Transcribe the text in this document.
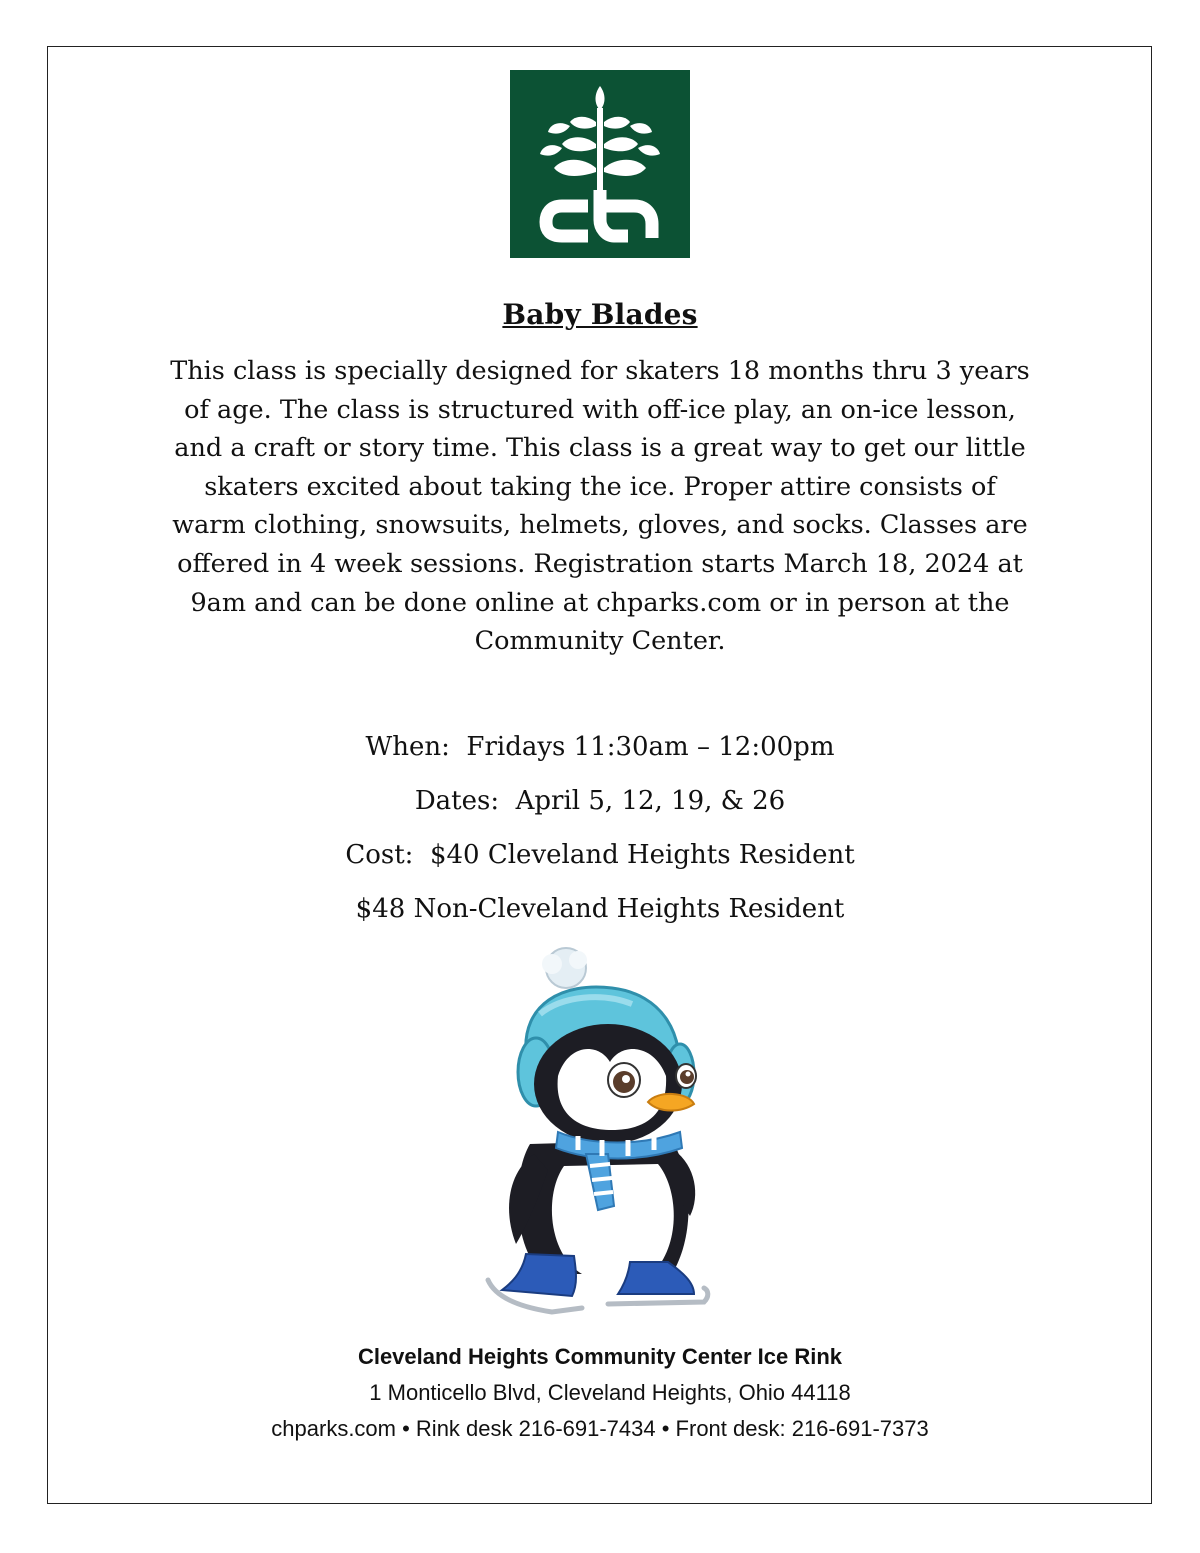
Baby Blades
This class is specially designed for skaters 18 months thru 3 years
of age. The class is structured with off-ice play, an on-ice lesson,
and a craft or story time. This class is a great way to get our little
skaters excited about taking the ice. Proper attire consists of
warm clothing, snowsuits, helmets, gloves, and socks. Classes are
offered in 4 week sessions. Registration starts March 18, 2024 at
9am and can be done online at chparks.com or in person at the
Community Center.
When:  Fridays 11:30am – 12:00pm
Dates:  April 5, 12, 19, & 26
Cost:  $40 Cleveland Heights Resident
$48 Non-Cleveland Heights Resident
Cleveland Heights Community Center Ice Rink
1 Monticello Blvd, Cleveland Heights, Ohio 44118
chparks.com • Rink desk 216-691-7434 • Front desk: 216-691-7373
